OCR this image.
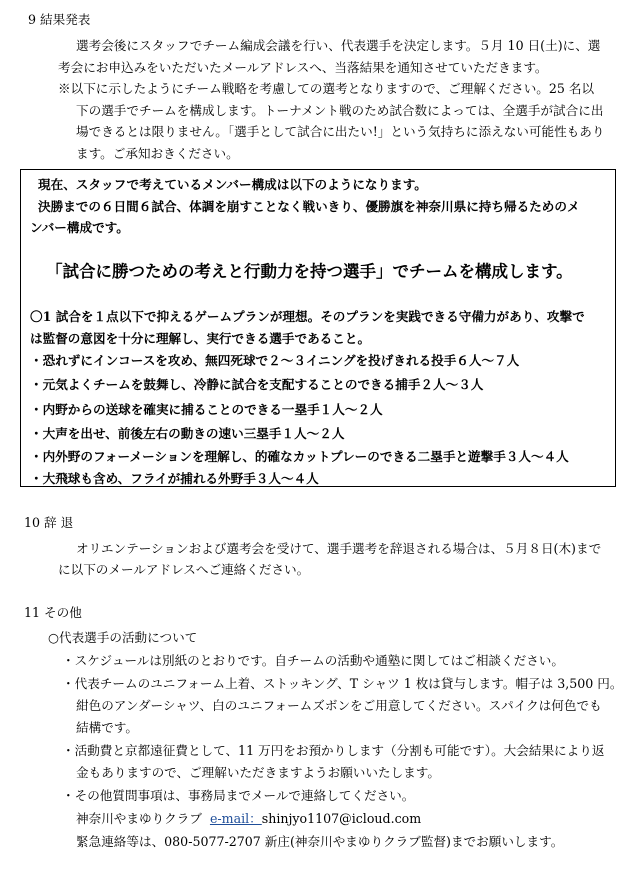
9 結果発表
選考会後にスタッフでチーム編成会議を行い、代表選手を決定します。５月 10 日(土)に、選
考会にお申込みをいただいたメールアドレスへ、当落結果を通知させていただきます。
※以下に示したようにチーム戦略を考慮しての選考となりますので、ご理解ください。25 名以
下の選手でチームを構成します。トーナメント戦のため試合数によっては、全選手が試合に出
場できるとは限りません。「選手として試合に出たい!」という気持ちに添えない可能性もあり
ます。ご承知おきください。
現在、スタッフで考えているメンバー構成は以下のようになります。
決勝までの６日間６試合、体調を崩すことなく戦いきり、優勝旗を神奈川県に持ち帰るためのメ
ンバー構成です。
「試合に勝つための考えと行動力を持つ選手」でチームを構成します。
〇1 試合を１点以下で抑えるゲームプランが理想。そのプランを実践できる守備力があり、攻撃で
は監督の意図を十分に理解し、実行できる選手であること。
・恐れずにインコースを攻め、無四死球で２～３イニングを投げきれる投手６人～７人
・元気よくチームを鼓舞し、冷静に試合を支配することのできる捕手２人～３人
・内野からの送球を確実に捕ることのできる一塁手１人～２人
・大声を出せ、前後左右の動きの速い三塁手１人～２人
・内外野のフォーメーションを理解し、的確なカットプレーのできる二塁手と遊撃手３人～４人
・大飛球も含め、フライが捕れる外野手３人～４人
10 辞 退
オリエンテーションおよび選考会を受けて、選手選考を辞退される場合は、５月８日(木)まで
に以下のメールアドレスへご連絡ください。
11 その他
○代表選手の活動について
・スケジュールは別紙のとおりです。自チームの活動や通塾に関してはご相談ください。
・代表チームのユニフォーム上着、ストッキング、T シャツ 1 枚は貸与します。帽子は 3,500 円。
紺色のアンダーシャツ、白のユニフォームズボンをご用意してください。スパイクは何色でも
結構です。
・活動費と京都遠征費として、11 万円をお預かりします（分割も可能です）。大会結果により返
金もありますので、ご理解いただきますようお願いいたします。
・その他質問事項は、事務局までメールで連絡してください。
神奈川やまゆりクラブ e-mail：shinjyo1107@icloud.com
緊急連絡等は、080-5077-2707 新庄(神奈川やまゆりクラブ監督)までお願いします。
